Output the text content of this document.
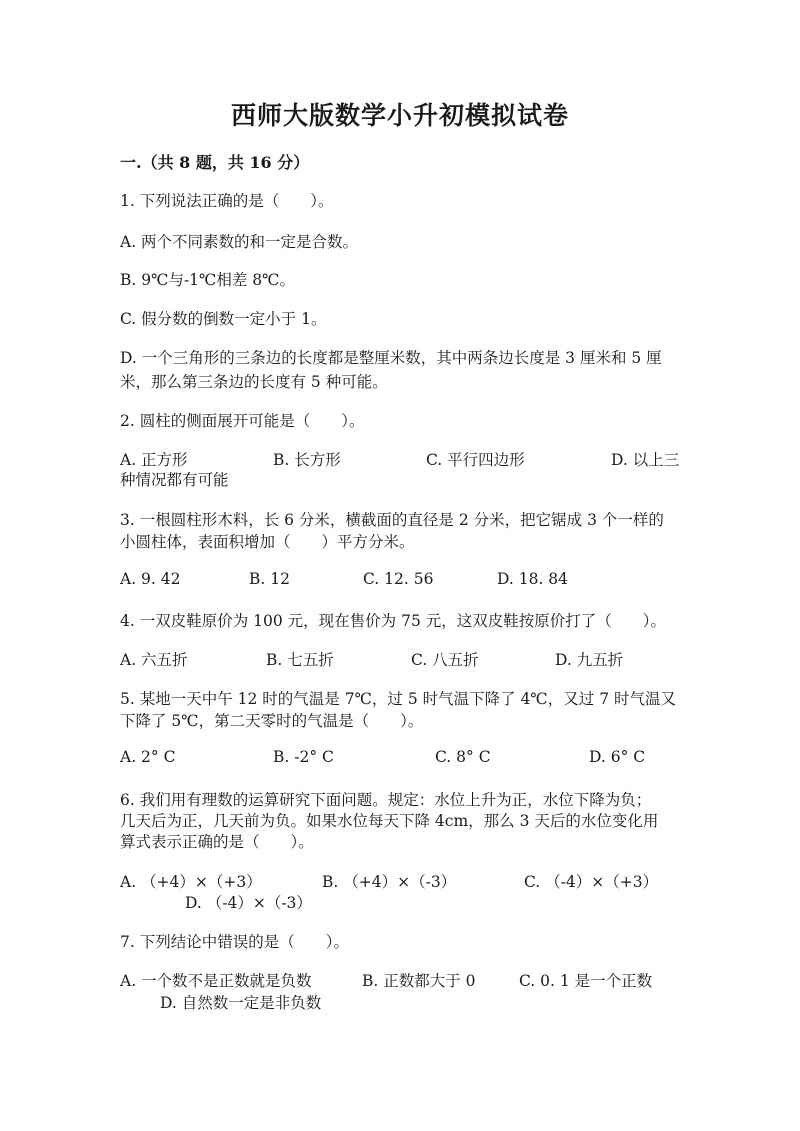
西师大版数学小升初模拟试卷
一.（共 8 题，共 16 分）
1. 下列说法正确的是（　　）。
A. 两个不同素数的和一定是合数。
B. 9℃与-1℃相差 8℃。
C. 假分数的倒数一定小于 1。
D. 一个三角形的三条边的长度都是整厘米数，其中两条边长度是 3 厘米和 5 厘
米，那么第三条边的长度有 5 种可能。
2. 圆柱的侧面展开可能是（　　）。
A. 正方形	B. 长方形	C. 平行四边形	D. 以上三
种情况都有可能
3. 一根圆柱形木料，长 6 分米，横截面的直径是 2 分米，把它锯成 3 个一样的
小圆柱体，表面积增加（　　）平方分米。
A. 9. 42	B. 12	C. 12. 56	D. 18. 84
4. 一双皮鞋原价为 100 元，现在售价为 75 元，这双皮鞋按原价打了（　　）。
A. 六五折	B. 七五折	C. 八五折	D. 九五折
5. 某地一天中午 12 时的气温是 7℃，过 5 时气温下降了 4℃，又过 7 时气温又
下降了 5℃，第二天零时的气温是（　　）。
A. 2° C	B. -2° C	C. 8° C	D. 6° C
6. 我们用有理数的运算研究下面问题。规定：水位上升为正，水位下降为负；
几天后为正，几天前为负。如果水位每天下降 4cm，那么 3 天后的水位变化用
算式表示正确的是（　　）。
A. （+4）×（+3）	B. （+4）×（-3）	C. （-4）×（+3）
D. （-4）×（-3）
7. 下列结论中错误的是（　　）。
A. 一个数不是正数就是负数	B. 正数都大于 0	C. 0. 1 是一个正数
D. 自然数一定是非负数
